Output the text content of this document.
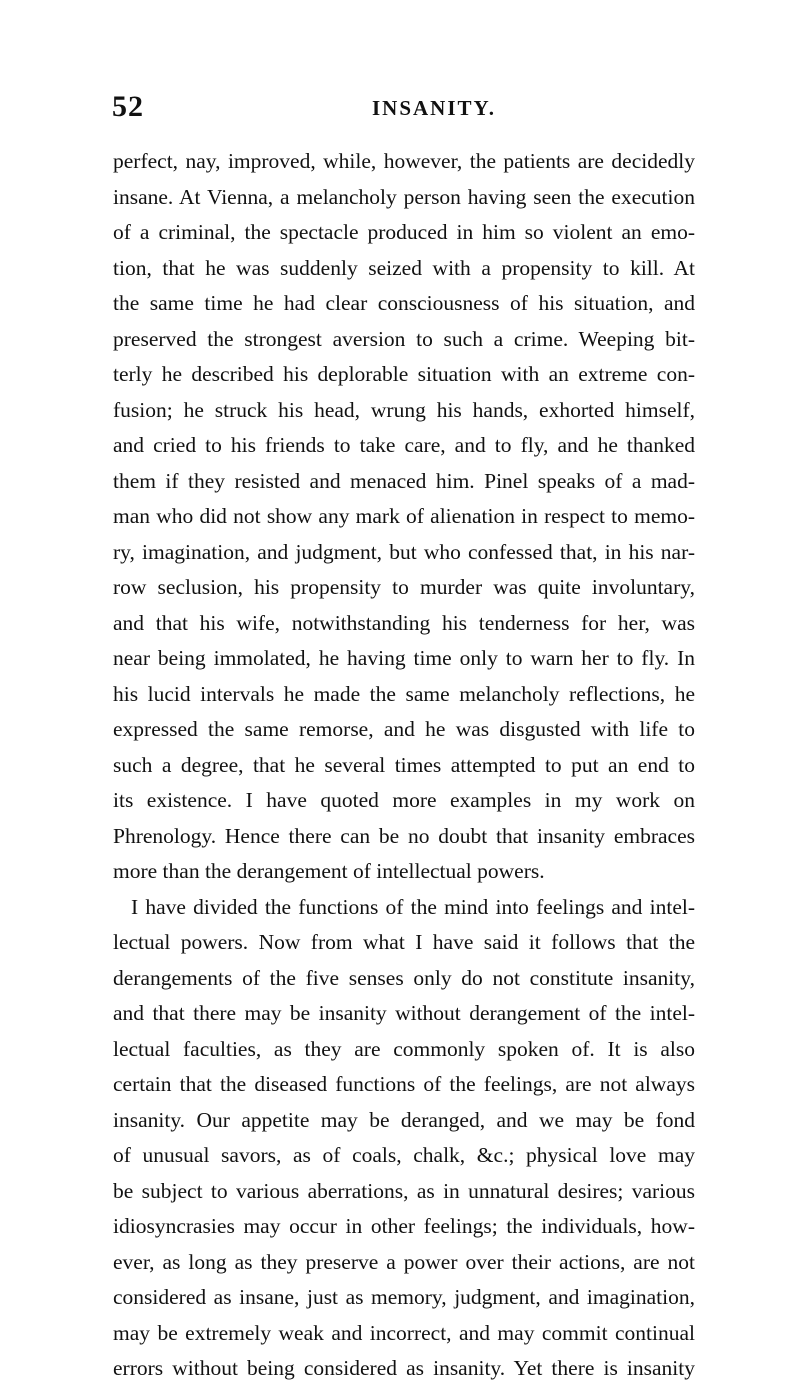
52	INSANITY.
perfect, nay, improved, while, however, the patients are decidedly
insane. At Vienna, a melancholy person having seen the execution
of a criminal, the spectacle produced in him so violent an emo-
tion, that he was suddenly seized with a propensity to kill. At
the same time he had clear consciousness of his situation, and
preserved the strongest aversion to such a crime. Weeping bit-
terly he described his deplorable situation with an extreme con-
fusion; he struck his head, wrung his hands, exhorted himself,
and cried to his friends to take care, and to fly, and he thanked
them if they resisted and menaced him. Pinel speaks of a mad-
man who did not show any mark of alienation in respect to memo-
ry, imagination, and judgment, but who confessed that, in his nar-
row seclusion, his propensity to murder was quite involuntary,
and that his wife, notwithstanding his tenderness for her, was
near being immolated, he having time only to warn her to fly. In
his lucid intervals he made the same melancholy reflections, he
expressed the same remorse, and he was disgusted with life to
such a degree, that he several times attempted to put an end to
its existence. I have quoted more examples in my work on
Phrenology. Hence there can be no doubt that insanity embraces
more than the derangement of intellectual powers.
I have divided the functions of the mind into feelings and intel-
lectual powers. Now from what I have said it follows that the
derangements of the five senses only do not constitute insanity,
and that there may be insanity without derangement of the intel-
lectual faculties, as they are commonly spoken of. It is also
certain that the diseased functions of the feelings, are not always
insanity. Our appetite may be deranged, and we may be fond
of unusual savors, as of coals, chalk, &c.; physical love may
be subject to various aberrations, as in unnatural desires; various
idiosyncrasies may occur in other feelings; the individuals, how-
ever, as long as they preserve a power over their actions, are not
considered as insane, just as memory, judgment, and imagination,
may be extremely weak and incorrect, and may commit continual
errors without being considered as insanity. Yet there is insanity
